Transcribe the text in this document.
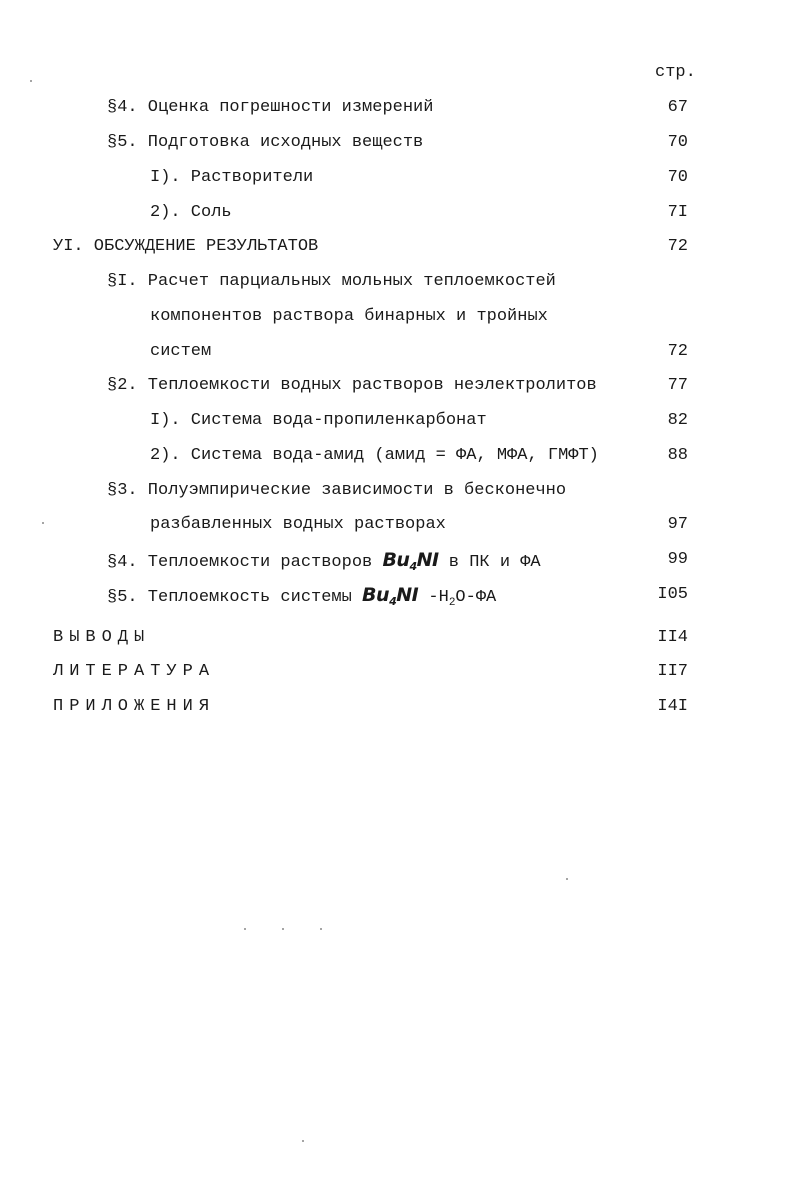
стр.
§4. Оценка погрешности измерений	67
§5. Подготовка исходных веществ	70
I). Растворители	70
2). Соль	7I
УI. ОБСУЖДЕНИЕ РЕЗУЛЬТАТОВ	72
§I. Расчет парциальных мольных теплоемкостей
компонентов раствора бинарных и тройных
систем	72
§2. Теплоемкости водных растворов неэлектролитов	77
I). Система вода-пропиленкарбонат	82
2). Система вода-амид (амид = ФА, МФА, ГМФТ)	88
§3. Полуэмпирические зависимости в бесконечно
разбавленных водных растворах	97
§4. Теплоемкости растворов $Bu_4NI$ в ПК и ФА	99
§5. Теплоемкость системы $Bu_4NI$ $-H_2O-ФА$	I05
ВЫВОДЫ	II4
ЛИТЕРАТУРА	II7
ПРИЛОЖЕНИЯ	I4I
